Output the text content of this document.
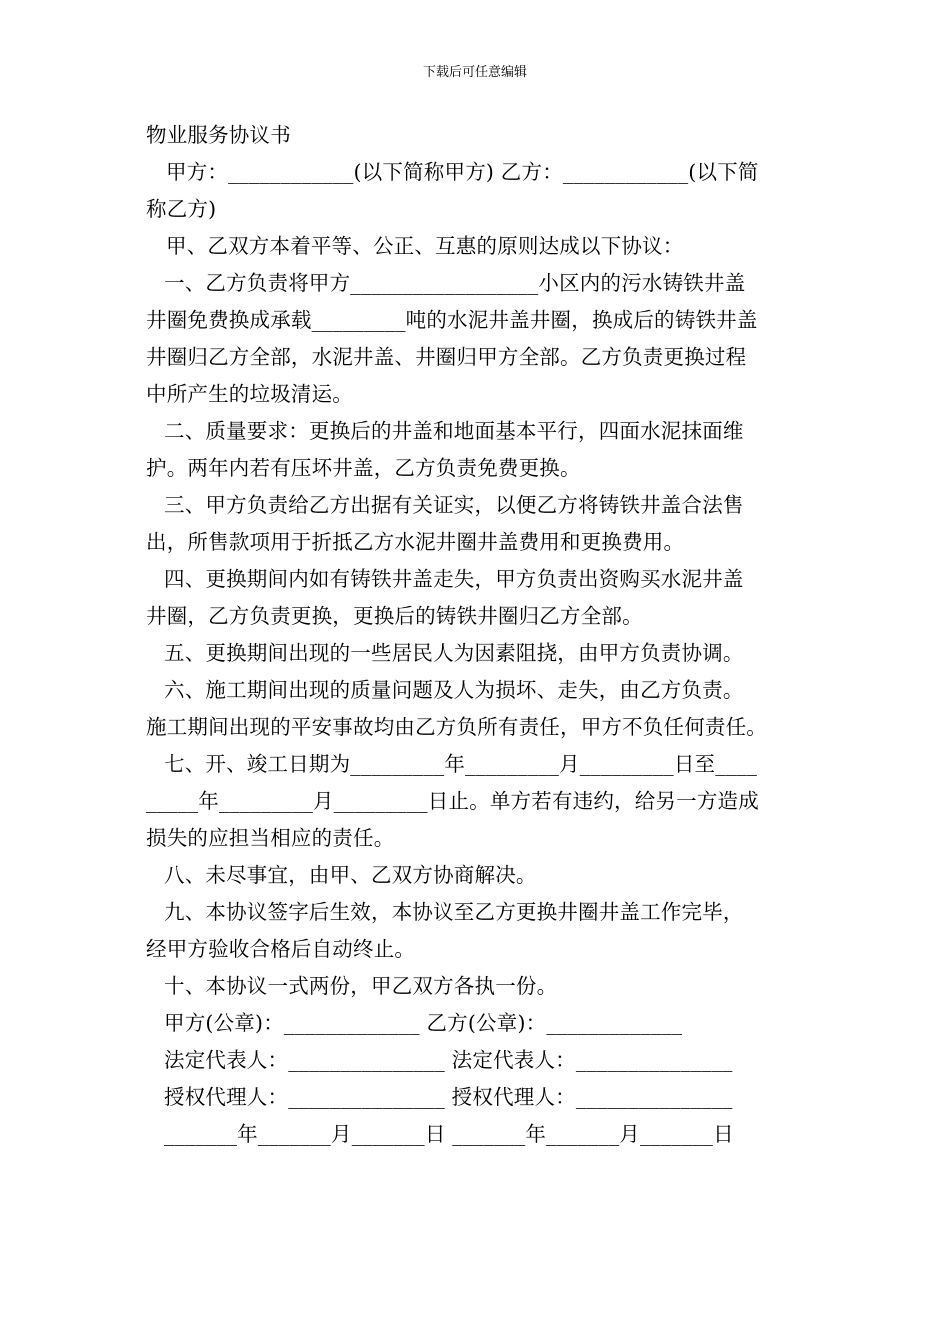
下载后可任意编辑
物业服务协议书
甲方：____________(以下简称甲方) 乙方：____________(以下简
称乙方)
甲、乙双方本着平等、公正、互惠的原则达成以下协议：
一、乙方负责将甲方__________________小区内的污水铸铁井盖
井圈免费换成承载_________吨的水泥井盖井圈，换成后的铸铁井盖
井圈归乙方全部，水泥井盖、井圈归甲方全部。乙方负责更换过程
中所产生的垃圾清运。
二、质量要求：更换后的井盖和地面基本平行，四面水泥抹面维
护。两年内若有压坏井盖，乙方负责免费更换。
三、甲方负责给乙方出据有关证实，以便乙方将铸铁井盖合法售
出，所售款项用于折抵乙方水泥井圈井盖费用和更换费用。
四、更换期间内如有铸铁井盖走失，甲方负责出资购买水泥井盖
井圈，乙方负责更换，更换后的铸铁井圈归乙方全部。
五、更换期间出现的一些居民人为因素阻挠，由甲方负责协调。
六、施工期间出现的质量问题及人为损坏、走失，由乙方负责。
施工期间出现的平安事故均由乙方负所有责任，甲方不负任何责任。
七、开、竣工日期为_________年_________月_________日至____
_____年_________月_________日止。单方若有违约，给另一方造成
损失的应担当相应的责任。
八、未尽事宜，由甲、乙双方协商解决。
九、本协议签字后生效，本协议至乙方更换井圈井盖工作完毕，
经甲方验收合格后自动终止。
十、本协议一式两份，甲乙双方各执一份。
甲方(公章)：_____________ 乙方(公章)：_____________
法定代表人：_______________ 法定代表人：_______________
授权代理人：_______________ 授权代理人：_______________
_______年_______月_______日 _______年_______月_______日
